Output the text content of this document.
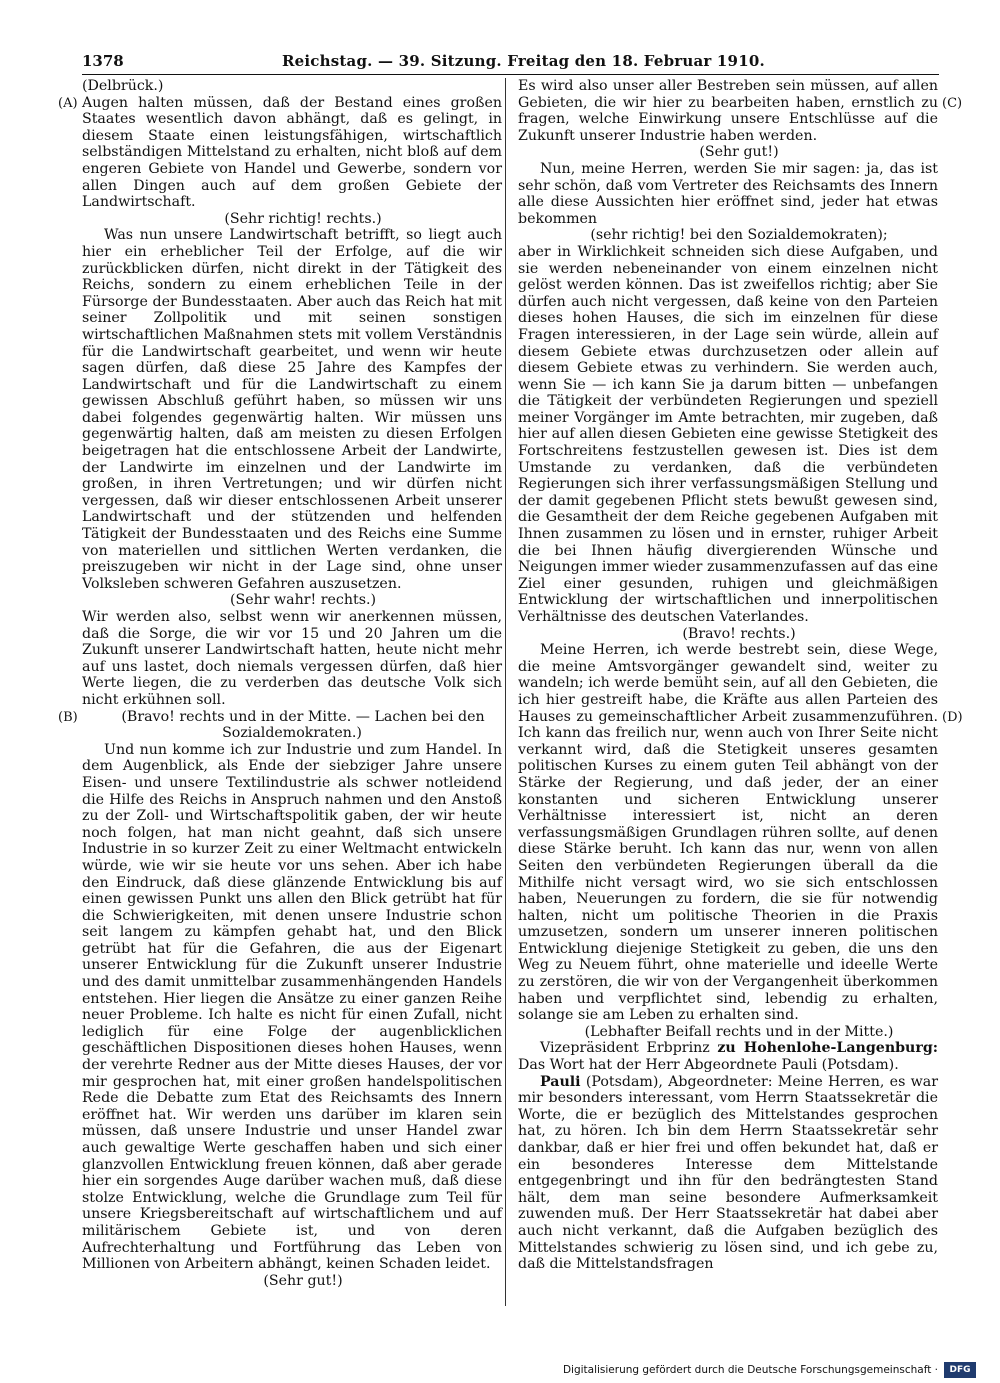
1378	Reichstag. — 39. Sitzung. Freitag den 18. Februar 1910.
(A)
(B)
(C)
(D)

(Delbrück.)

Augen halten müssen, daß der Bestand eines großen Staates wesentlich davon abhängt, daß es gelingt, in diesem Staate einen leistungsfähigen, wirtschaftlich selbständigen Mittelstand zu erhalten, nicht bloß auf dem engeren Gebiete von Handel und Gewerbe, sondern vor allen Dingen auch auf dem großen Gebiete der Landwirtschaft.

(Sehr richtig! rechts.)

Was nun unsere Landwirtschaft betrifft, so liegt auch hier ein erheblicher Teil der Erfolge, auf die wir zurückblicken dürfen, nicht direkt in der Tätigkeit des Reichs, sondern zu einem erheblichen Teile in der Fürsorge der Bundesstaaten. Aber auch das Reich hat mit seiner Zollpolitik und mit seinen sonstigen wirtschaftlichen Maßnahmen stets mit vollem Verständnis für die Landwirtschaft gearbeitet, und wenn wir heute sagen dürfen, daß diese 25 Jahre des Kampfes der Landwirtschaft und für die Landwirtschaft zu einem gewissen Abschluß geführt haben, so müssen wir uns dabei folgendes gegenwärtig halten. Wir müssen uns gegenwärtig halten, daß am meisten zu diesen Erfolgen beigetragen hat die entschlossene Arbeit der Landwirte, der Landwirte im einzelnen und der Landwirte im großen, in ihren Vertretungen; und wir dürfen nicht vergessen, daß wir dieser entschlossenen Arbeit unserer Landwirtschaft und der stützenden und helfenden Tätigkeit der Bundesstaaten und des Reichs eine Summe von materiellen und sittlichen Werten verdanken, die preiszugeben wir nicht in der Lage sind, ohne unser Volksleben schweren Gefahren auszusetzen.

(Sehr wahr! rechts.)

Wir werden also, selbst wenn wir anerkennen müssen, daß die Sorge, die wir vor 15 und 20 Jahren um die Zukunft unserer Landwirtschaft hatten, heute nicht mehr auf uns lastet, doch niemals vergessen dürfen, daß hier Werte liegen, die zu verderben das deutsche Volk sich nicht erkühnen soll.

(Bravo! rechts und in der Mitte. — Lachen bei den Sozialdemokraten.)

Und nun komme ich zur Industrie und zum Handel. In dem Augenblick, als Ende der siebziger Jahre unsere Eisen- und unsere Textilindustrie als schwer notleidend die Hilfe des Reichs in Anspruch nahmen und den Anstoß zu der Zoll- und Wirtschaftspolitik gaben, der wir heute noch folgen, hat man nicht geahnt, daß sich unsere Industrie in so kurzer Zeit zu einer Weltmacht entwickeln würde, wie wir sie heute vor uns sehen. Aber ich habe den Eindruck, daß diese glänzende Entwicklung bis auf einen gewissen Punkt uns allen den Blick getrübt hat für die Schwierigkeiten, mit denen unsere Industrie schon seit langem zu kämpfen gehabt hat, und den Blick getrübt hat für die Gefahren, die aus der Eigenart unserer Entwicklung für die Zukunft unserer Industrie und des damit unmittelbar zusammenhängenden Handels entstehen. Hier liegen die Ansätze zu einer ganzen Reihe neuer Probleme. Ich halte es nicht für einen Zufall, nicht lediglich für eine Folge der augenblicklichen geschäftlichen Dispositionen dieses hohen Hauses, wenn der verehrte Redner aus der Mitte dieses Hauses, der vor mir gesprochen hat, mit einer großen handelspolitischen Rede die Debatte zum Etat des Reichsamts des Innern eröffnet hat. Wir werden uns darüber im klaren sein müssen, daß unsere Industrie und unser Handel zwar auch gewaltige Werte geschaffen haben und sich einer glanzvollen Entwicklung freuen können, daß aber gerade hier ein sorgendes Auge darüber wachen muß, daß diese stolze Entwicklung, welche die Grundlage zum Teil für unsere Kriegsbereitschaft auf wirtschaftlichem und auf militärischem Gebiete ist, und von deren Aufrechterhaltung und Fortführung das Leben von Millionen von Arbeitern abhängt, keinen Schaden leidet.

(Sehr gut!)

Es wird also unser aller Bestreben sein müssen, auf allen Gebieten, die wir hier zu bearbeiten haben, ernstlich zu fragen, welche Einwirkung unsere Entschlüsse auf die Zukunft unserer Industrie haben werden.

(Sehr gut!)

Nun, meine Herren, werden Sie mir sagen: ja, das ist sehr schön, daß vom Vertreter des Reichsamts des Innern alle diese Aussichten hier eröffnet sind, jeder hat etwas bekommen

(sehr richtig! bei den Sozialdemokraten);

aber in Wirklichkeit schneiden sich diese Aufgaben, und sie werden nebeneinander von einem einzelnen nicht gelöst werden können. Das ist zweifellos richtig; aber Sie dürfen auch nicht vergessen, daß keine von den Parteien dieses hohen Hauses, die sich im einzelnen für diese Fragen interessieren, in der Lage sein würde, allein auf diesem Gebiete etwas durchzusetzen oder allein auf diesem Gebiete etwas zu verhindern. Sie werden auch, wenn Sie — ich kann Sie ja darum bitten — unbefangen die Tätigkeit der verbündeten Regierungen und speziell meiner Vorgänger im Amte betrachten, mir zugeben, daß hier auf allen diesen Gebieten eine gewisse Stetigkeit des Fortschreitens festzustellen gewesen ist. Dies ist dem Umstande zu verdanken, daß die verbündeten Regierungen sich ihrer verfassungsmäßigen Stellung und der damit gegebenen Pflicht stets bewußt gewesen sind, die Gesamtheit der dem Reiche gegebenen Aufgaben mit Ihnen zusammen zu lösen und in ernster, ruhiger Arbeit die bei Ihnen häufig divergierenden Wünsche und Neigungen immer wieder zusammenzufassen auf das eine Ziel einer gesunden, ruhigen und gleichmäßigen Entwicklung der wirtschaftlichen und innerpolitischen Verhältnisse des deutschen Vaterlandes.

(Bravo! rechts.)

Meine Herren, ich werde bestrebt sein, diese Wege, die meine Amtsvorgänger gewandelt sind, weiter zu wandeln; ich werde bemüht sein, auf all den Gebieten, die ich hier gestreift habe, die Kräfte aus allen Parteien des Hauses zu gemeinschaftlicher Arbeit zusammenzuführen. Ich kann das freilich nur, wenn auch von Ihrer Seite nicht verkannt wird, daß die Stetigkeit unseres gesamten politischen Kurses zu einem guten Teil abhängt von der Stärke der Regierung, und daß jeder, der an einer konstanten und sicheren Entwicklung unserer Verhältnisse interessiert ist, nicht an deren verfassungsmäßigen Grundlagen rühren sollte, auf denen diese Stärke beruht. Ich kann das nur, wenn von allen Seiten den verbündeten Regierungen überall da die Mithilfe nicht versagt wird, wo sie sich entschlossen haben, Neuerungen zu fordern, die sie für notwendig halten, nicht um politische Theorien in die Praxis umzusetzen, sondern um unserer inneren politischen Entwicklung diejenige Stetigkeit zu geben, die uns den Weg zu Neuem führt, ohne materielle und ideelle Werte zu zerstören, die wir von der Vergangenheit überkommen haben und verpflichtet sind, lebendig zu erhalten, solange sie am Leben zu erhalten sind.

(Lebhafter Beifall rechts und in der Mitte.)

Vizepräsident Erbprinz zu Hohenlohe-Langenburg: Das Wort hat der Herr Abgeordnete Pauli (Potsdam).

Pauli (Potsdam), Abgeordneter: Meine Herren, es war mir besonders interessant, vom Herrn Staatssekretär die Worte, die er bezüglich des Mittelstandes gesprochen hat, zu hören. Ich bin dem Herrn Staatssekretär sehr dankbar, daß er hier frei und offen bekundet hat, daß er ein besonderes Interesse dem Mittelstande entgegenbringt und ihn für den bedrängtesten Stand hält, dem man seine besondere Aufmerksamkeit zuwenden muß. Der Herr Staatssekretär hat dabei aber auch nicht verkannt, daß die Aufgaben bezüglich des Mittelstandes schwierig zu lösen sind, und ich gebe zu, daß die Mittelstandsfragen

Digitalisierung gefördert durch die Deutsche Forschungsgemeinschaft ·	DFG
